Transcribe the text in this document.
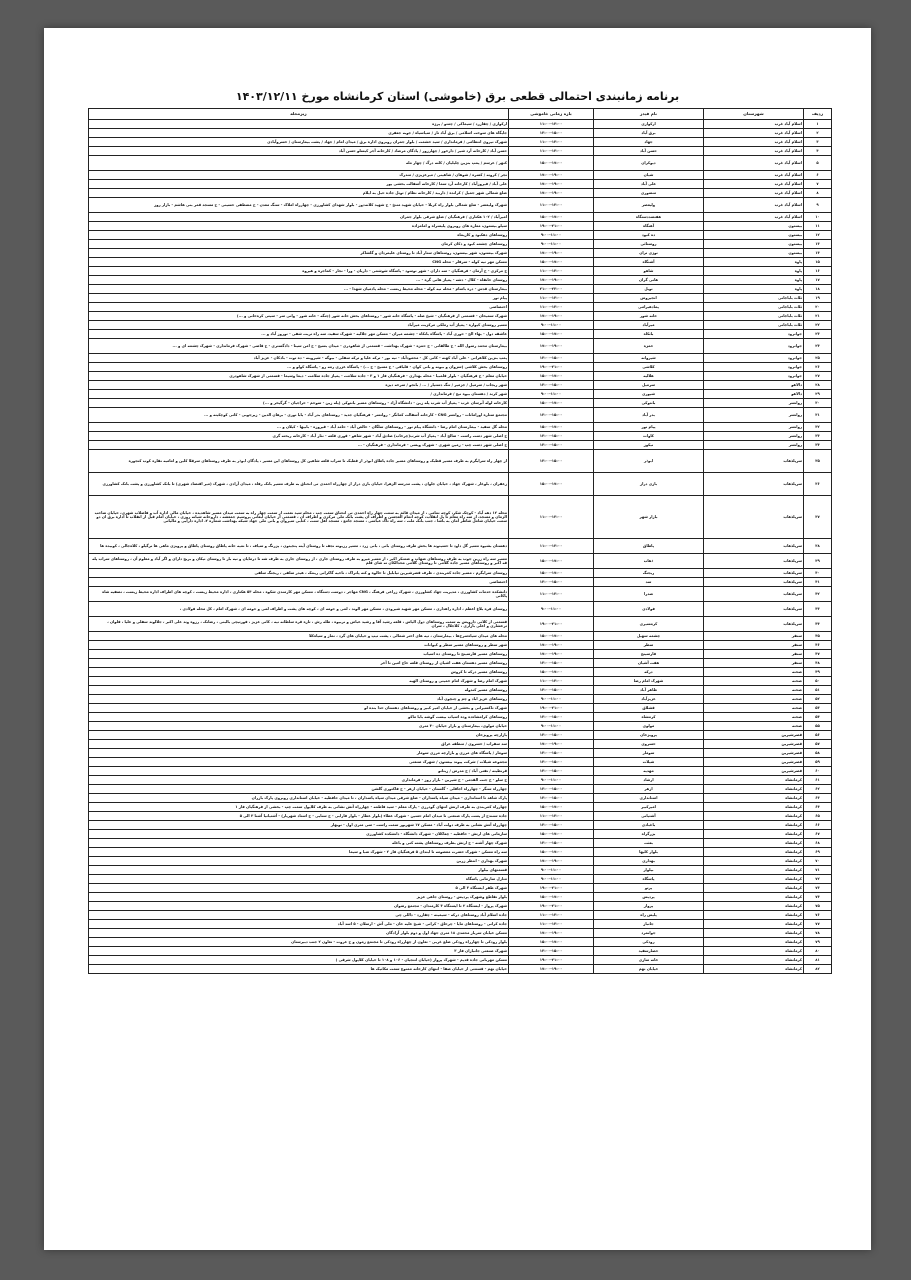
برنامه زمانبندی احتمالی قطعی برق (خاموشی) استان کرمانشاه مورخ ۱۴۰۳/۱۲/۱۱
ردیف	شهرستان	نام فیدر	بازه زمانی خاموشی	زیرمحله
۱	اسلام آباد غرب	ارکوازی	۱۱:۰۰-۱۳:۰۰	ارکوازی / چقازرد / سیماکی / چمتو / پرژه
۲	اسلام آباد غرب	برق آباد	۱۳:۰۰-۱۵:۰۰	جایگاه های سوخت اسلامی / برق آباد تاز / سیاسیاه / جوبه جعفری
۳	اسلام آباد غرب	جهاد	۱۱:۰۰-۱۳:۰۰	شهرک نیروی انتظامی / فرمانداری / سید حشمت / بلوار جمران روبروی اداره برق / میدان امام / جهاد / پشت بیمارستان / خسروآبادی
۴	اسلام آباد غرب	حسن آباد	۱۱:۰۰-۱۳:۰۰	حسن آباد / کارخانه آرد شیر / دارخور / چهارزور / پادگان مرصاد / کارخانه آجر کیسلو حسن آباد
۵	اسلام آباد غرب	دیوکران	۱۵:۰۰-۱۷:۰۰	کنهر / عرسم / پمپ بنزین چلیلیان / کلنه درگ / چهار مله
۶	اسلام آباد غرب	شیان	۱۷:۰۰-۱۹:۰۰	نجر / کرونه / کسره / شوهان / شاهینی / میرعزیزی / مندرک
۷	اسلام آباد غرب	علی آباد	۱۷:۰۰-۱۹:۰۰	علی آباد / فیروزآباد / کارخانه آرد سما / کارخانه آسفالت بخشی پور
۸	اسلام آباد غرب	منصوری	۱۷:۰۰-۱۹:۰۰	ضلع شمالی شهر جمیل / کرانده / داربید / کارخانه نظام / تونل جاده حبل به ایلام
۹	اسلام آباد غرب	ولیعصر	۱۱:۰۰-۱۳:۰۰	شهرک ولیعصر - ضلع شمالی بلوار راه کربلا - خیابان شهید متنخ - ح شهید کلانه‌دوز - بلوار شهدای کشاورزی - چهارراه املاک - سنگ معدن - ح مصطفی حسینی - ح مسجد قمر بنی هاشم - بازار روز
۱۰	اسلام آباد غرب	هفتصددستگاه	۱۵:۰۰-۱۷:۰۰	امیرآباد / ۱۰۲ هکتاری / فرهنگیان / ضلع شرقی بلوار جمران
۱۱	بیستون	آهنگاه	۱۹:۰۰-۲۱:۰۰	سیلو بیستون، مغازه های روبروی پلیسراه و امامزاده
۱۲	بیستون	ده کبود	۹:۰۰-۱۱:۰۰	روستاهای دهکبود و کازیماه
۱۳	بیستون	روستائی	۹:۰۰-۱۱:۰۰	روستاهای چشمه کبود و دکان کرمان
۱۴	بیستون	نوژی تران	۱۷:۰۰-۱۹:۰۰	شهرک بیستون، شهر بیستون، روستاهای ستار آباد تا روستای علیمردان و گلشاکر
۱۵	پاوه	آشنگاه	۱۵:۰۰-۱۷:۰۰	مسکن مهر نیه کوله - سرفلر - محله CNG
۱۶	پاوه	شاهو	۱۱:۰۰-۱۳:۰۰	خ مرکزی - خ آرمان - فرهنگیان - سه داران - شهر نوسود - پاسگاه شوشمی - داریان - ورا - نجار - کماجره و هیروه
۱۷	پاوه	هانی گران	۱۷:۰۰-۱۹:۰۰	روستای خانقاه - کلال - دشه - پمپاژ هانی گره - ...
۱۸	پاوه	نوبل	۲۱:۰۰-۲۳:۰۰	بیمارستان قدس - دره باسام - محله نیه کوله - محله محیط زیست - محله پادمیان شهدا - ...
۱۹	ثلاث باباجانی	انجیروس	۱۱:۰۰-۱۳:۰۰	پیام نور
۲۰	ثلاث باباجانی	پمادهبرامی	۱۱:۰۰-۱۳:۰۰	اختصاصی
۲۱	ثلاث باباجانی	خانه شور	۱۷:۰۰-۱۹:۰۰	شهرک سمیخان - قسمتی از فرهنگیان - شیخ صله - پاسگاه خانه شور - روستاهای بخش خانه شور (چنگه - خانه شور - وانی سر - سیتی کره‌خانی و ...)
۲۲	ثلاث باباجانی	میرآباد	۹:۰۰-۱۱:۰۰	مسیر روستای کیواره - پمپاژ آب رملکی مرکزیت میرآباد
۲۳	جوانرود	بانکاه	۱۵:۰۰-۱۷:۰۰	عاشقه دول - بهاء الح - حوری آباد - پاسگاه بانکاه - چشمه میران - مسکن مهر جلالیه - شهرک سفید، سه راه تربت شفی - نوروز آباد و ...
۲۴	جوانرود	حمزه	۱۷:۰۰-۱۹:۰۰	بیمارستان محمد رسول الله - خ طالقانی - خ حمزه - شهرک بهداشت - قسمتی از شاهودری - میدان بسیج - خ امن سینا - دادگستری - خ قاضی - شهرک فرمانداری - شهرک چشمه ای و ...
۲۵	جوانرود	شیروانه	۱۳:۰۰-۱۵:۰۰	پمپ بنزین کلاهرانی - علی آباد کهنه - کانی کل - محمودآباد - نیه بور - ترکه علیا و ترکه سفلی - بیوگه - شیروینه - ده توت - بادکان - عزیز آباد
۲۶	جوانرود	کلاشی	۱۹:۰۰-۲۱:۰۰	روستاهای بخش کلاشی (سزوان و بیونه و بانی کوان - قلباقی - خ مسیح - خ ...) - پاسگاه عزری رمه رو - پاسگاه کولو و ...
۲۷	جوانرود	هلالیه	۱۵:۰۰-۱۷:۰۰	خیابان معلم - خ فرهنگیان - بلوار قلمبیا - محله بهداری - فرهنگیان فاز ۱ و ۳ - جاده سلامت - پمپاژ جاده سلامت - دیما وسیما - قسمتی از شهرک شاهودری
۲۸	دالاهو	سرمیل	۱۳:۰۰-۱۵:۰۰	شهر ریجاب / سرمیل / جزمیر / تنگ دستیار / ... / بانجو / سرخه دیزه
۲۹	دالاهو	شیوری	۹:۰۰-۱۱:۰۰	شهر کرند / دهستان بیوه نیج / فرمانداری /
۳۰	روانسر	بانتوکی	۱۵:۰۰-۱۷:۰۰	کارخانه لوله آبرسان غرب - پمپاژ آب شرب پله زین - دانشگاه آزاد - روستاهای مسیر بانتوکی (پله زین - سوحم - خراجیان - گرگیخر و ...)
۳۱	روانسر	بدر آباد	۱۳:۰۰-۱۵:۰۰	مجتمع ستاره اورامانات - روانسر CNG - کارخانه آسفالت کمانگر - روانسر - فرهنگیان جدید - روستاهای بدر آباد - یابا نوری - برهان الدین - زیرجوبی - کانی کوچکینه و ...
۳۲	روانسر	پیام نور	۱۵:۰۰-۱۷:۰۰	محله گل سفید - بیمارستان امام رضا - دانشگاه پیام نور - روستاهای سلگان - خالص آباد - حامد آباد - قیروزه - بابیها - کیلان و ...
۳۳	روانسر	کاوات	۱۳:۰۰-۱۵:۰۰	خ اصلی شهر دست راست - صالح آباد - پمپاژ آب شرب(چرخاب) صادق آباد - شهر شاهو - قوری قلعه - نثار آباد - کارخانه ریخته گری
۳۴	روانسر	نیکوز	۱۳:۰۰-۱۵:۰۰	خ اصلی شهر دست چپ - زمین شهری - شهرک ویسی - فرمانداری - فرهنگیان - ...
۳۵	سرپلذهاب	ابوذر	۱۳:۰۰-۱۵:۰۰	از چهار راه سرابگرم به طرف مسیر قطبک و روستاهای مسیر جاده پاطاق ابوذر از قطبک تا سراب قلعه شاهین کل روستاهای این مسیر ، پادگان ابوذر به طرف روستاهای سرقلا کلین و امامیه نقاره کوب کنجوره
۳۶	سرپلذهاب	بازی دراز	۱۵:۰۰-۱۷:۰۰	زعفران ، بلوغار ، شهرک جهاد ، خیابان جلوان ، پشت مدرسه الزهرا، خیابان بازی دراز از چهارراه احمدی تی انحناق به طرف مسیر بانک رفاه ، میدان آزادی ، شهرک (میر اقتصاد شهری) تا بانک کشاورزی و پشت بانک کشاورزی
۳۷	سرپلذهاب	بازار شهر	۱۱:۰۰-۱۳:۰۰	محله ۱۲ دهه آباد - کوچک شکر، کوچه تمامی ، از میدان قائم به سمت چهار راه احمدی تی انحناق سمت چپ ، محله سید نعمت از سمت چهار راه به سمت میدان مسیر شاهدیده ، خیابان مالی اداره آب و فاضلاب شهری، خیابان صاحب الزمان و مسجد، از سه راه معلم تا پل انقلاب، کوچه اتمام العجسن و اطراف آن پشت بانک ملی مرکزی و اطراف آن ، قسمتی از خیابان ابعانی پروسیم جمعشه ، داروخانه شبانه روزی ، خیابان امام قبل از انقلاب تا اداره برق ان دو سمت خیابان شامل شاطر آمان به باشا ، جنب بانک ملت ، سه راه تاک عباسی ، مسجد جامع ، مسجد اهل سنت ، کتابی سیروان و بانی ملی جهاد شبکه بهداشت شماره ۲، اداره دارایی و مالیاتی
۳۸	سرپلذهاب	پاطاق	۱۱:۰۰-۱۳:۰۰	دهستان بشیوه مسیر گل داود تا حسینوند ها بخش طرف روستای بانی ، بانی زرد ، مسیر رزیونه نجف تا روستای آینه پنجیتون ، پزرنگ و سیاف ، تا نمیه خانه پاطاق روستای پاطاق و پرویزی ماهی ها نرگیلو ، کلاه‌جالی ، کوبیده ها
۳۹	سرپلذهاب	ذهاب	۱۵:۰۰-۱۷:۰۰	مسیر سه راه زرین جوب به طرف روستاهای ضهاب و ضمنکر اکبر ، از مسیر میرو به طرف روستای جاری ، از روستای جاری به طرف شه تا درمایان و نیه بار تا روستای نیکان و بریج دارای و اگر آباد و معلوم آن ، روستاهای سراب پله قه اکبر و روستاهای مسیر جاده گلامی تا روستای گلامی محدالکان ته شای قلم
۴۰	سرپلذهاب	ریجنگ	۱۵:۰۰-۱۷:۰۰	روستای سرابگرم ، مسیر جاده کمربندی ، طرف قصرشیرین تیابلیل تا خالوه و کنه پاتراک ، ناحیه گاکرانی رینتک ، هیدر سلفی ، ریجنگ سلفی
۴۱	سرپلذهاب	سد	۱۳:۰۰-۱۵:۰۰	اختصاصی
۴۲	سرپلذهاب	صدرا	۱۱:۰۰-۱۳:۰۰	دانشکده خدمات کشاورزی ، مدیریت جهاد کشاورزی ، شهرک زراعی فرهنگ ، CNG مهاجر ، دوست دستگاه ، مسکن مهر کارمندی شکوه ، محله ۵۴ هکتاری ، اداره محیط زیست ، کوچه های اطراف اداره محیط زیست ، تصفیه شاه پاکانی
۴۳	سرپلذهاب	فولادی	۹:۰۰-۱۱:۰۰	روستای فره بلاغ اعظم ، اداره راهداری ، مسکن مهر شهید شیرودی ، مسکن مهر الوند ، لمی و حومه ای ، کوچه های پشت و اطراف لمی و حومه ای ، شهرک امام ، کل محله فولادی ،
۴۴	سرپلذهاب	کرمسیری	۱۹:۰۰-۲۱:۰۰	قسمتی از کلانی دارویس به سمت روستاهای دول الیاس ، قلعه رشید آقا و رشید عباس و نربیوه ، طله رش ، تازه قره سلطانه نیه ، کانی عزیز ، فورتیچی بالبنی ، رضانک ، رزوه وند علی اکبر ، جلالوند سفلی و علیا ، قلوان ، ترعشاری و اعلی بازاری ، کلاجلال ، سران
۴۵	سنقر	چشمه سهیل	۱۵:۰۰-۱۷:۰۰	محله های میدان سیاه‌سرخ‌ها ، بیمارستان ، تپه های اختر شمالی ، پشت تیپ و خیابان های گرد ، نماز و سیاه‌کلا
۴۶	سنقر	سطر	۱۷:۰۰-۱۹:۰۰	شهر سطر و روستاهای مسیر سطر و کیوانات
۴۷	سنقر	فارسینج	۱۷:۰۰-۱۹:۰۰	روستاهای مسیر فارسینج تا روستای ده اسیاب
۴۸	سنقر	هفت آشیان	۱۳:۰۰-۱۵:۰۰	روستاهای مسیر دهستان هفت اشیان از روستای قلعه حاج امین تا آخر
۴۹	صحنه	درکه	۱۵:۰۰-۱۷:۰۰	روستاهای مسیر درکه تا کروس
۵۰	صحنه	شهرک امام رضا	۱۱:۰۰-۱۳:۰۰	شهرک امام رضا و شهرک امام خمینی و روستای الهیه
۵۱	صحنه	طاهر آباد	۱۳:۰۰-۱۵:۰۰	روستاهای مسیر کندوله
۵۲	صحنه	عزیزآباد	۹:۰۰-۱۱:۰۰	روستاهای عزیز اباد و چم و چنچون آباد
۵۳	صحنه	قشلاق	۱۹:۰۰-۲۱:۰۰	شهرک تاکسیرانی و بخشی از خیابان امیر کبیر و روستاهای دهستان خدا بنده لو
۵۴	صحنه	کرمشاه	۱۳:۰۰-۱۵:۰۰	روستاهای کرامشاه‌ده وده اسیاب بیست گوشه بابا ماکو
۵۵	صحنه	مولوی	۹:۰۰-۱۱:۰۰	خیابان مولوی، بیمارستان و بازار خیابان ۴۰ متری
۵۶	قصرشیرین	پرویزخان	۱۳:۰۰-۱۵:۰۰	بازارچه پرویزخان
۵۷	قصرشیرین	خسروی	۱۷:۰۰-۱۹:۰۰	سد سفراب / خسروی / منطقه عراق
۵۸	قصرشیرین	سومار	۱۳:۰۰-۱۵:۰۰	سومار / پاسگاه های مرزی و بازارچه مرزی سومار
۵۹	قصرشیرین	شیلات	۱۳:۰۰-۱۵:۰۰	مجموعه شیلات / شرکت پیوند بیستون / شهرک صنعتی
۶۰	قصرشیرین	مهدیه	۱۳:۰۰-۱۵:۰۰	قرنطینه / نفتی آباد / خ مدرس / زینانو
۶۱	کرمانشاه	ارشاد	۹:۰۰-۱۱:۰۰	خ سلو - خ جنت القدمی - خ شیرین - بازار روز - فرمانداری
۶۲	کرمانشاه	ازهر	۱۳:۰۰-۱۵:۰۰	چهارراه سنگر - چهارراه اجاقلی - گلستان - خیابان ازهر - خ فاکتوری گلشن
۶۳	کرمانشاه	استانداری	۱۳:۰۰-۱۵:۰۰	پارک شاهد تا استانداری - میدان سپاه پاسداران - ضلع شرقی میدان سپاه پاسداران ، تا میدان حافظیه - خیابان استانداری روبروی پارک بازران
۶۴	کرمانشاه	امیرکبیر	۱۵:۰۰-۱۷:۰۰	چهارراه کمربندی به طرف ارتش انتهای گودرزی - پارک معلم - سید فاطمه - چهارراه آتش نشانی به طرف کلاپول سمت چپ - بخشی از فرهنگیان فاز ۱
۶۵	کرمانشاه	آشتیانی	۱۱:۰۰-۱۳:۰۰	جاده سنندج از پست پارک صنعتی تا میدان امام حسین - شهرک عطاء (بلوار عطار - بلوار فارابی - خ سنایی - خ استاد شهریار) - آشتیانیا آشنا ۳ الی ۵
۶۶	کرمانشاه	باغبادی	۱۳:۰۰-۱۵:۰۰	چهارراه آتش نشانی به طرف دولت آباد - مسکن ۱۷ شهریور سمت راست - سی متری اول - نوبهار
۶۷	کرمانشاه	بزرگراه	۱۵:۰۰-۱۷:۰۰	سازمانی های ارتش - حافظیه - چغاکلان - شهرک دانشگاه - دانشکده کشاورزی
۶۸	کرمانشاه	بعثت	۱۳:۰۰-۱۵:۰۰	شهرک چهار آشنه - خ ارتش بطرف روستاهای پشته کنی و باغله
۶۹	کرمانشاه	بلوار کلیها	۱۵:۰۰-۱۷:۰۰	سه راه مسکن - شهرک حضرت معصومه تا ابتدای ۵ فرهنگیان فاز ۲ - شهرک صبا و سیما
۷۰	کرمانشاه	بهداری	۱۷:۰۰-۱۹:۰۰	شهرک بهداری - انتظر زرین
۷۱	کرمانشاه	بیلوار	۹:۰۰-۱۱:۰۰	قسمتهای بیلوار
۷۲	کرمانشاه	پاسگاه	۹:۰۰-۱۱:۰۰	منازل سازمانی پاسگاه
۷۳	کرمانشاه	پرتو	۱۹:۰۰-۲۱:۰۰	شهرک ظفر ایستگاه ۳ الی ۵
۷۴	کرمانشاه	پردیس	۱۵:۰۰-۱۷:۰۰	بلوار تقاطع وشهرک پردیس - روستای جاهی عزیز
۷۵	کرمانشاه	پرواز	۱۹:۰۰-۲۱:۰۰	شهرک پرواز - ایستگاه ۲ تا ایستگاه ۴ کارمندان - مجتمع رضوان
۷۶	کرمانشاه	پلیس راه	۱۱:۰۰-۱۳:۰۰	جاده اسلام آباد روستاهای درکه - سیمینه - چقازرد - داللی چی
۷۷	کرمانشاه	جانباز	۱۱:۰۰-۱۳:۰۰	جاده کرانی - روستاهای مایا - چرخاق - کرانی - شیخ علیه خان - ملی آش - ارسلان - ۵ اسد آباد
۷۸	کرمانشاه	جوانمرد	۱۷:۰۰-۱۹:۰۰	مسکن خیابان سرباز محمدی ۱۸ متری جهاد اول و دوم بلوار آزادگان
۷۹	کرمانشاه	رودکی	۱۵:۰۰-۱۷:۰۰	بلوار رودکی تا چهارراه رودکی ضلع غربی - تعاون از چهارراه رودکی تا مجتمع زمون و ح عروت - تعاون ۲ جنب دبیرستان
۸۰	کرمانشاه	حصارسفید	۱۳:۰۰-۱۵:۰۰	شهرک صنعتی جانبازان فاز ۳
۸۱	کرمانشاه	خانه سازی	۱۹:۰۰-۲۱:۰۰	مسکن مهربانی جاده قدیم - شهرک پرواز (خیابان انتجیان - ۱۰۶ و ۱۰۸ تا خیابان کلاپول شرقی )
۸۲	کرمانشاه	خیابان نهم	۱۷:۰۰-۱۹:۰۰	خیابان نهم - قسمتی از خیابان صفا - انتهای کارخانه ممنوع سمت مکانیک ها
